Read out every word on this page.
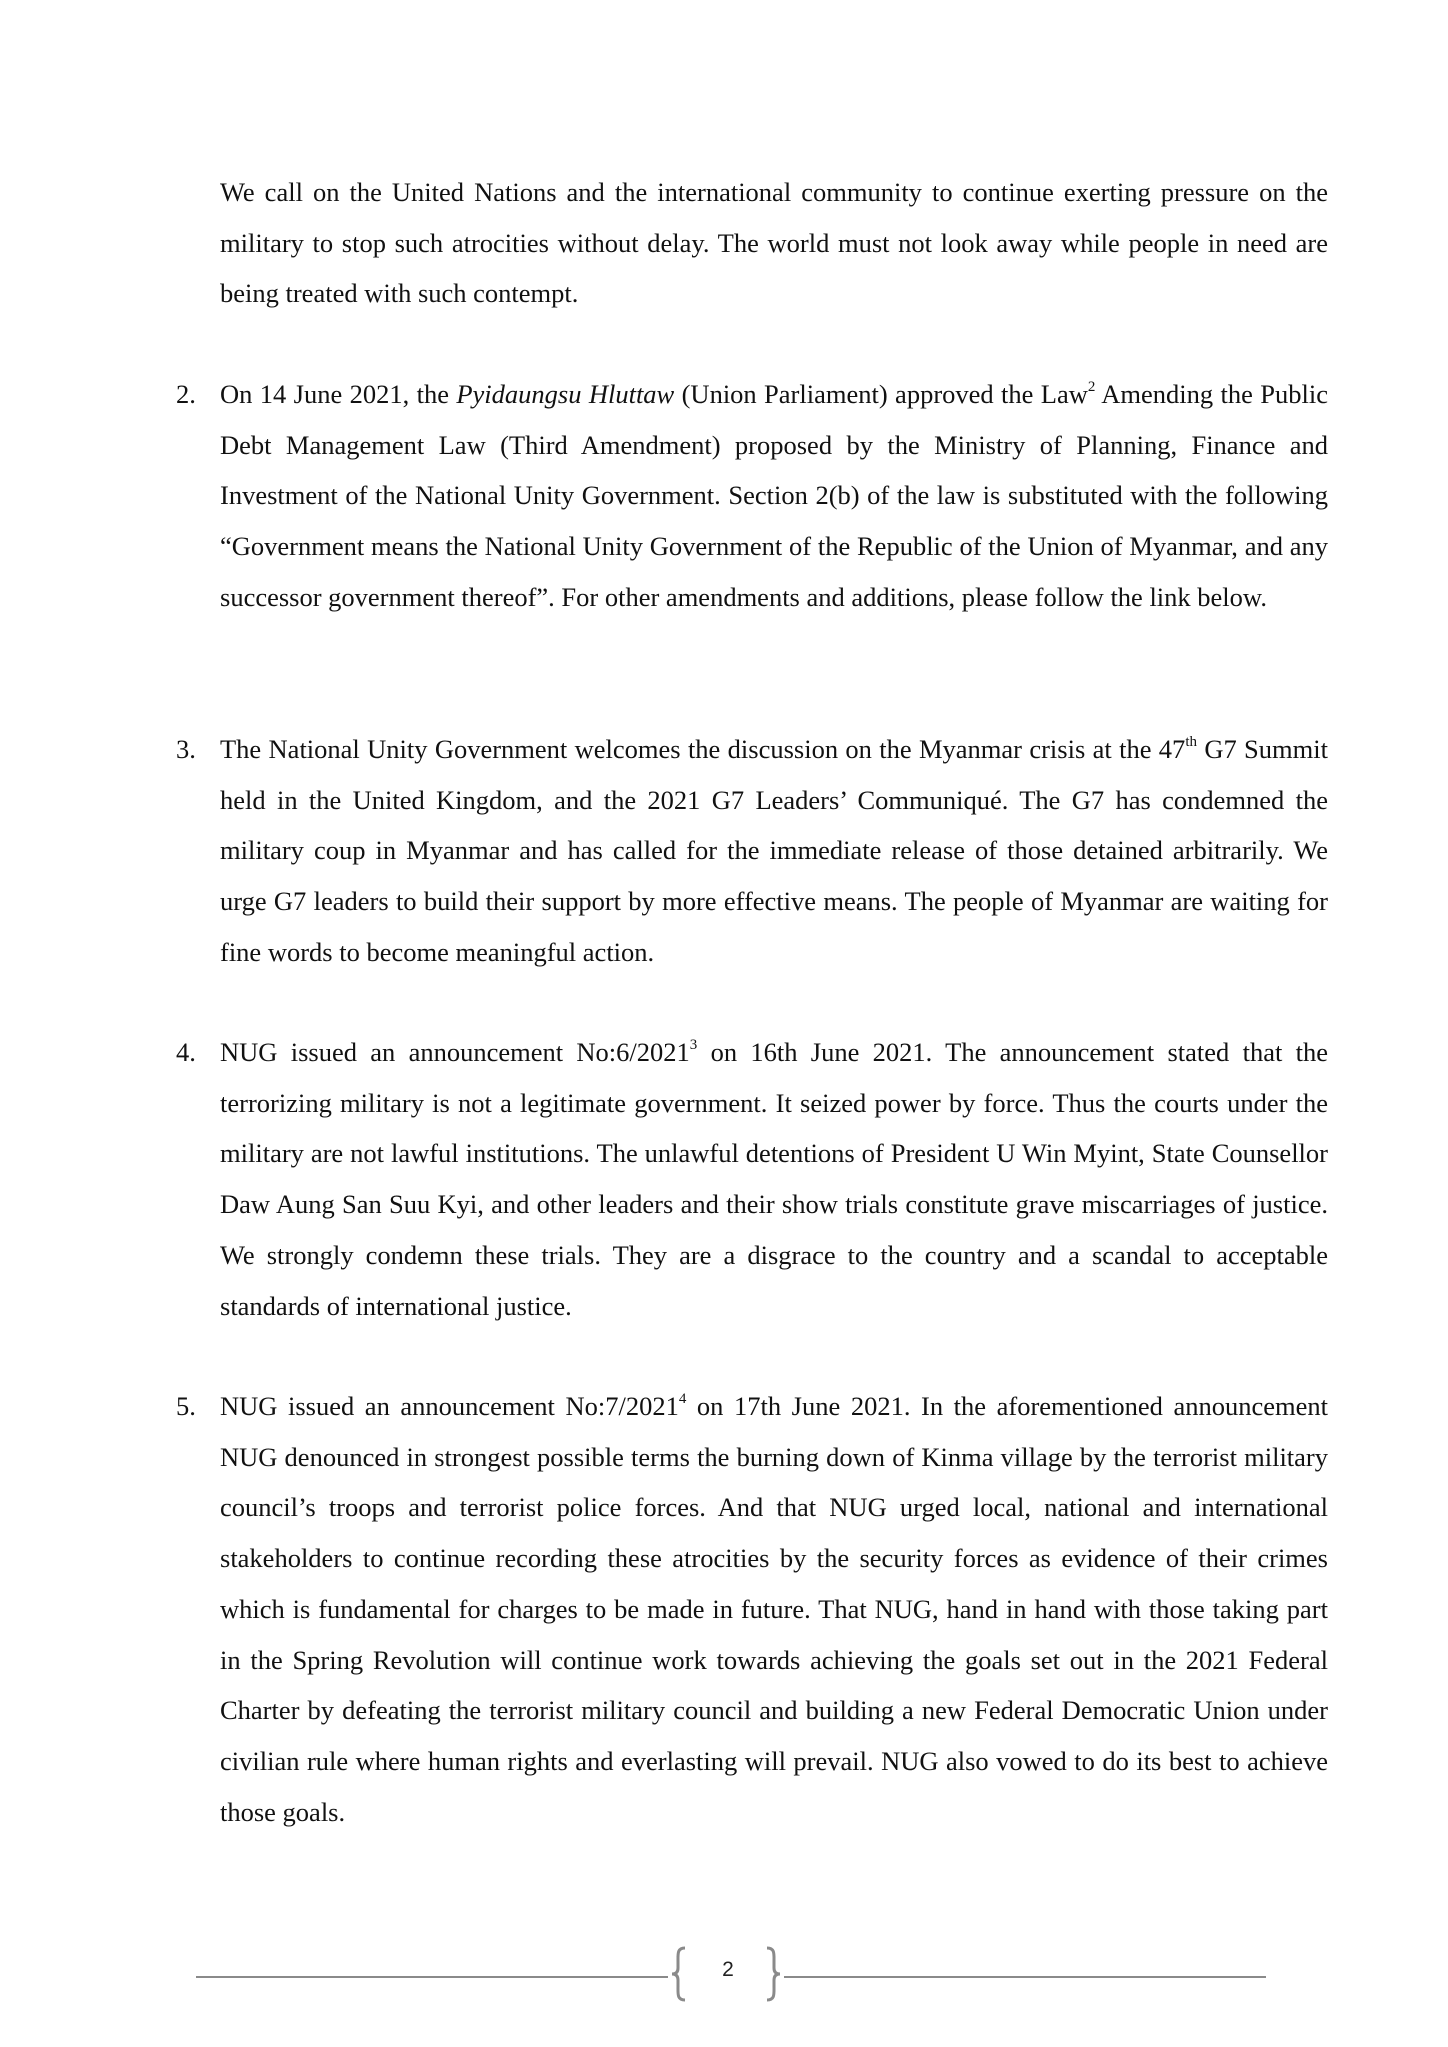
We call on the United Nations and the international community to continue exerting pressure on the military to stop such atrocities without delay. The world must not look away while people in need are being treated with such contempt.

2. On 14 June 2021, the Pyidaungsu Hluttaw (Union Parliament) approved the Law$^2$ Amending the Public Debt Management Law (Third Amendment) proposed by the Ministry of Planning, Finance and Investment of the National Unity Government. Section 2(b) of the law is substituted with the following “Government means the National Unity Government of the Republic of the Union of Myanmar, and any successor government thereof”. For other amendments and additions, please follow the link below.
3. The National Unity Government welcomes the discussion on the Myanmar crisis at the 47th G7 Summit held in the United Kingdom, and the 2021 G7 Leaders’ Communiqué. The G7 has condemned the military coup in Myanmar and has called for the immediate release of those detained arbitrarily. We urge G7 leaders to build their support by more effective means. The people of Myanmar are waiting for fine words to become meaningful action.
4. NUG issued an announcement No:6/2021$^3$ on 16th June 2021. The announcement stated that the terrorizing military is not a legitimate government. It seized power by force. Thus the courts under the military are not lawful institutions. The unlawful detentions of President U Win Myint, State Counsellor Daw Aung San Suu Kyi, and other leaders and their show trials constitute grave miscarriages of justice. We strongly condemn these trials. They are a disgrace to the country and a scandal to acceptable standards of international justice.
5. NUG issued an announcement No:7/2021$^4$ on 17th June 2021. In the aforementioned announcement NUG denounced in strongest possible terms the burning down of Kinma village by the terrorist military council’s troops and terrorist police forces. And that NUG urged local, national and international stakeholders to continue recording these atrocities by the security forces as evidence of their crimes which is fundamental for charges to be made in future. That NUG, hand in hand with those taking part in the Spring Revolution will continue work towards achieving the goals set out in the 2021 Federal Charter by defeating the terrorist military council and building a new Federal Democratic Union under civilian rule where human rights and everlasting will prevail. NUG also vowed to do its best to achieve those goals.
2
